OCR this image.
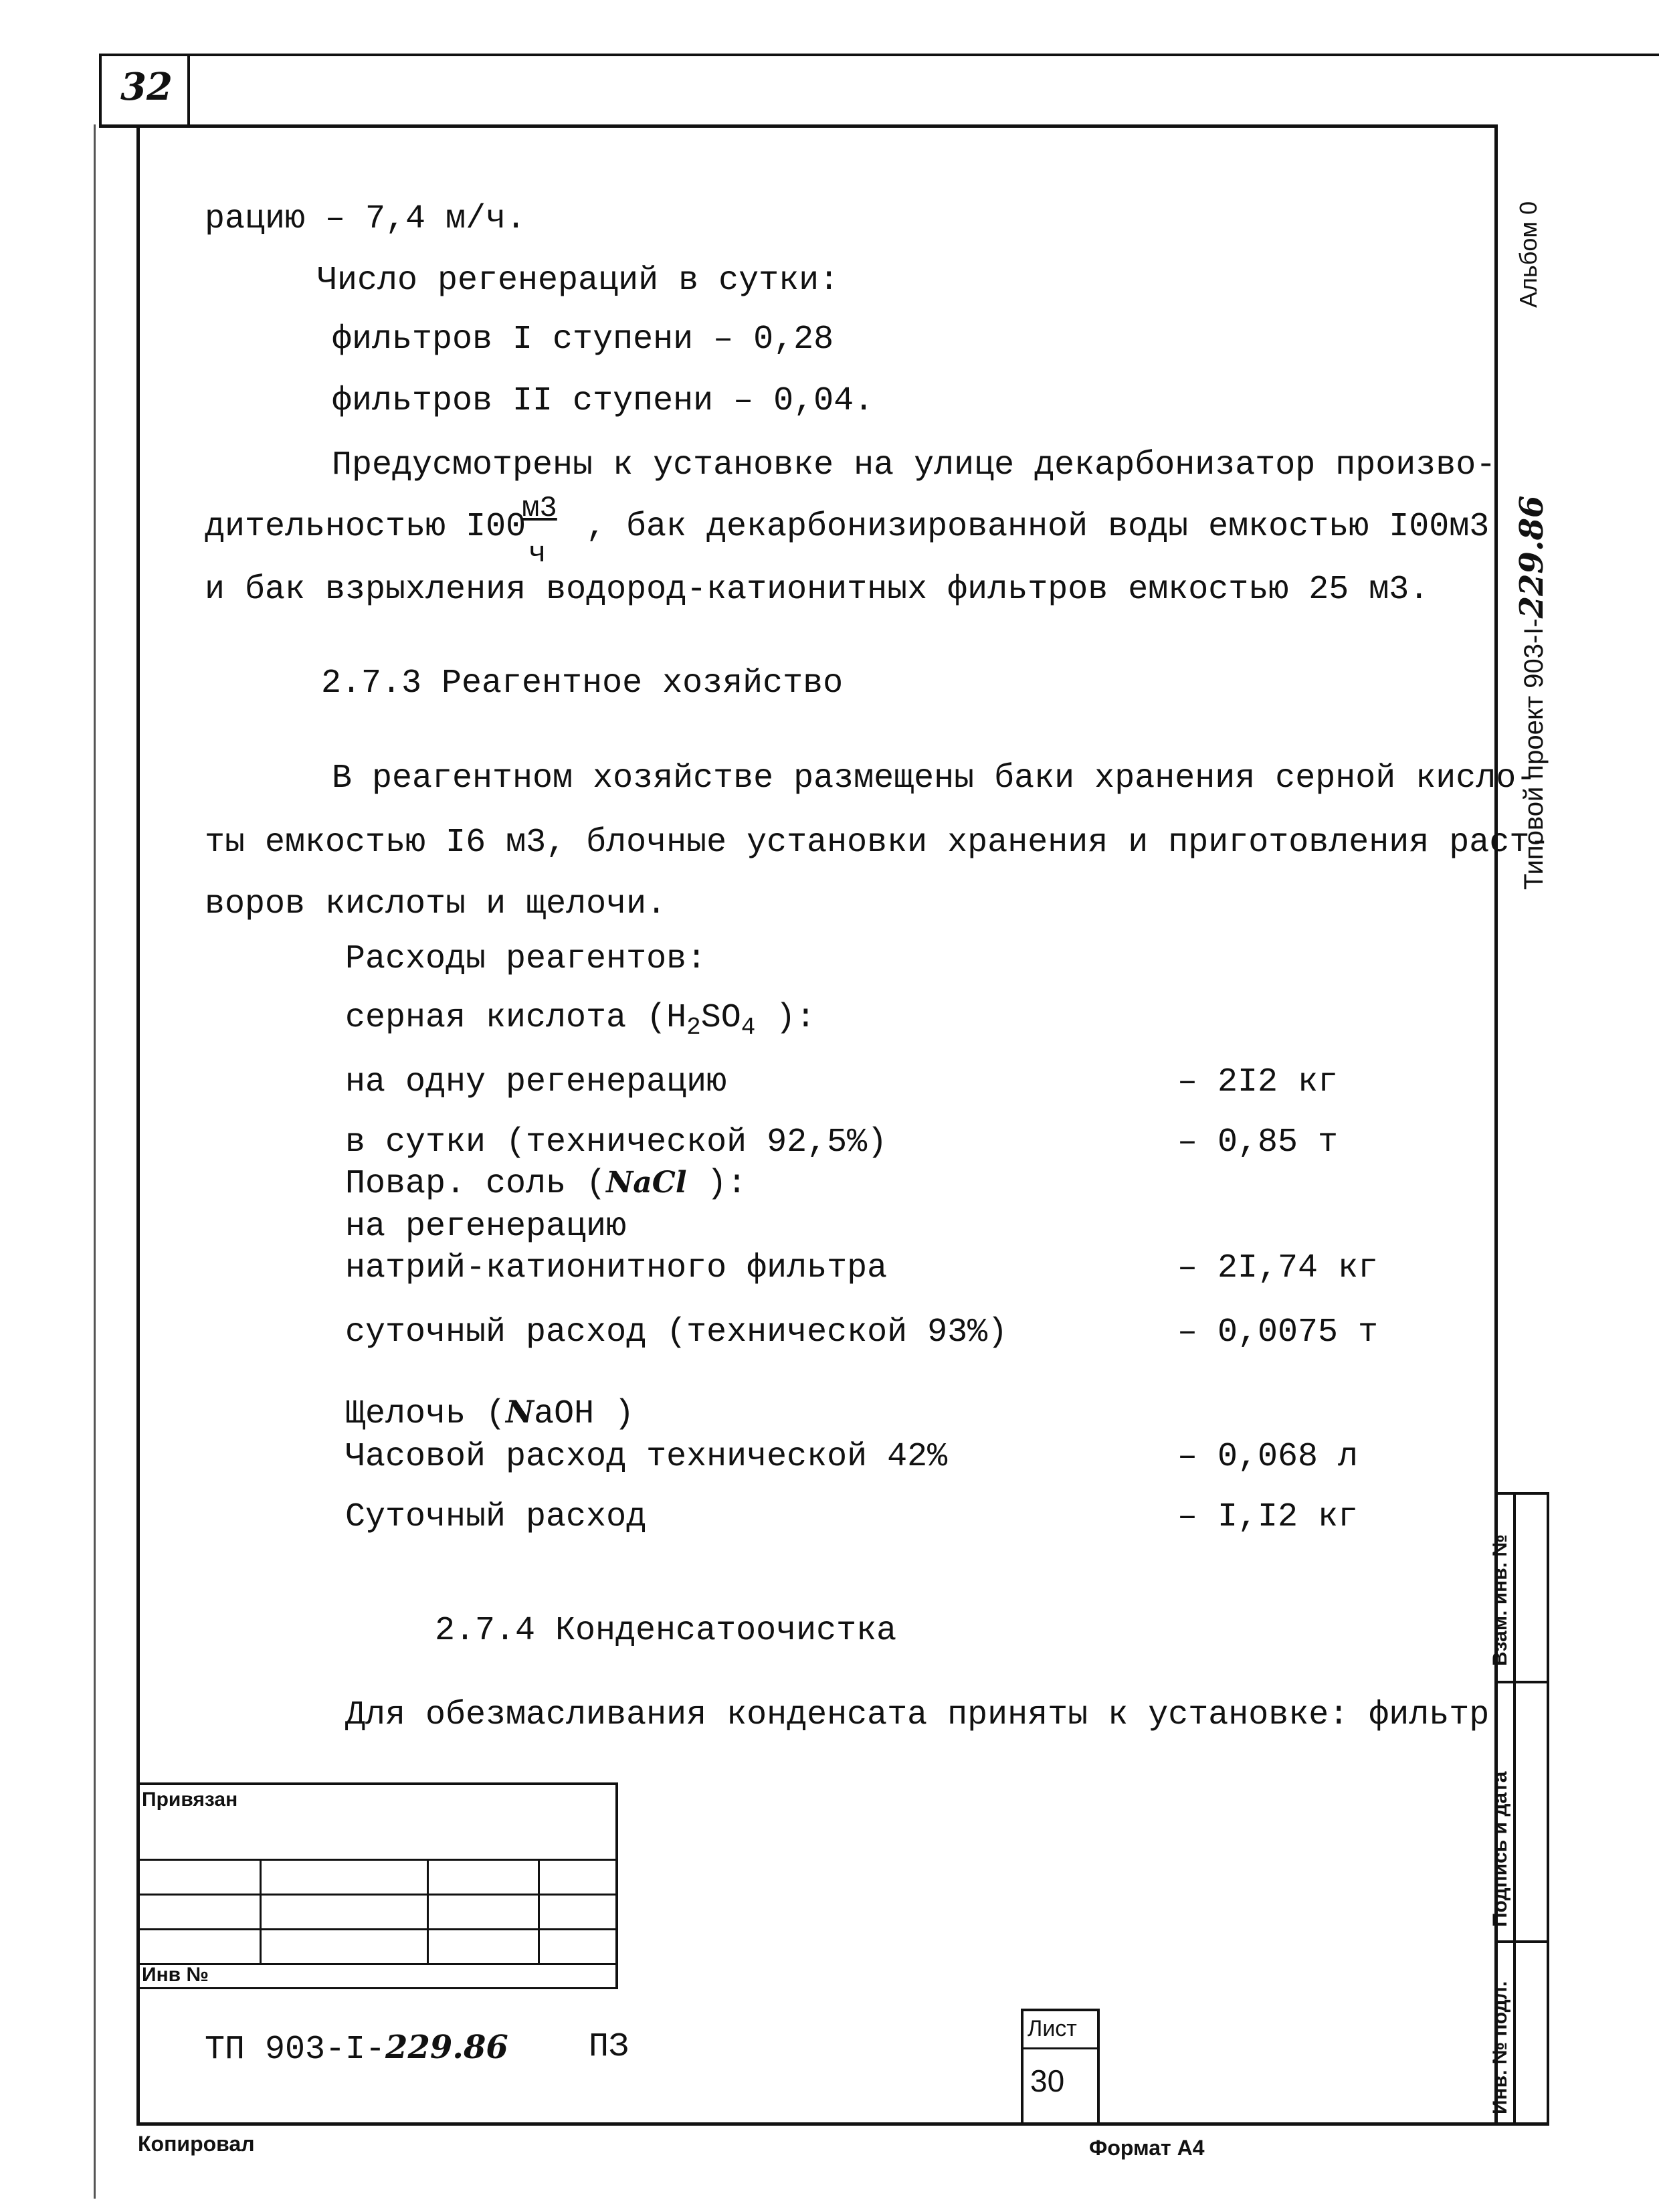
32
Альбом 0
Типовой проект 903-I-229.86
Взам. инв. №
Подпись и дата
Инв. № подл.
рацию – 7,4 м/ч.
Число регенераций в сутки:
фильтров I ступени – 0,28
фильтров II ступени – 0,04.
Предусмотрены к установке на улице декарбонизатор произво-
дительностью I00
м3
ч
, бак декарбонизированной воды емкостью I00м3
и бак взрыхления водород-катионитных фильтров емкостью 25 м3.
2.7.3 Реагентное хозяйство
В реагентном хозяйстве размещены баки хранения серной кисло-
ты емкостью I6 м3, блочные установки хранения и приготовления раст-
воров кислоты и щелочи.
Расходы реагентов:
серная кислота ($H_2SO_4$ ):
на одну регенерацию	– 2I2 кг
в сутки (технической 92,5%)	– 0,85 т
Повар. соль (NaCl ):
на регенерацию
натрий-катионитного фильтра	– 2I,74 кг
суточный расход (технической 93%)	– 0,0075 т
Щелочь (NaOH )
Часовой расход технической 42%	– 0,068 л
Суточный расход	– I,I2 кг
2.7.4 Конденсатоочистка
Для обезмасливания конденсата приняты к установке: фильтр
Привязан
Инв №
ТП 903-I-229.86 ПЗ	Лист
30
Копировал	Формат А4
